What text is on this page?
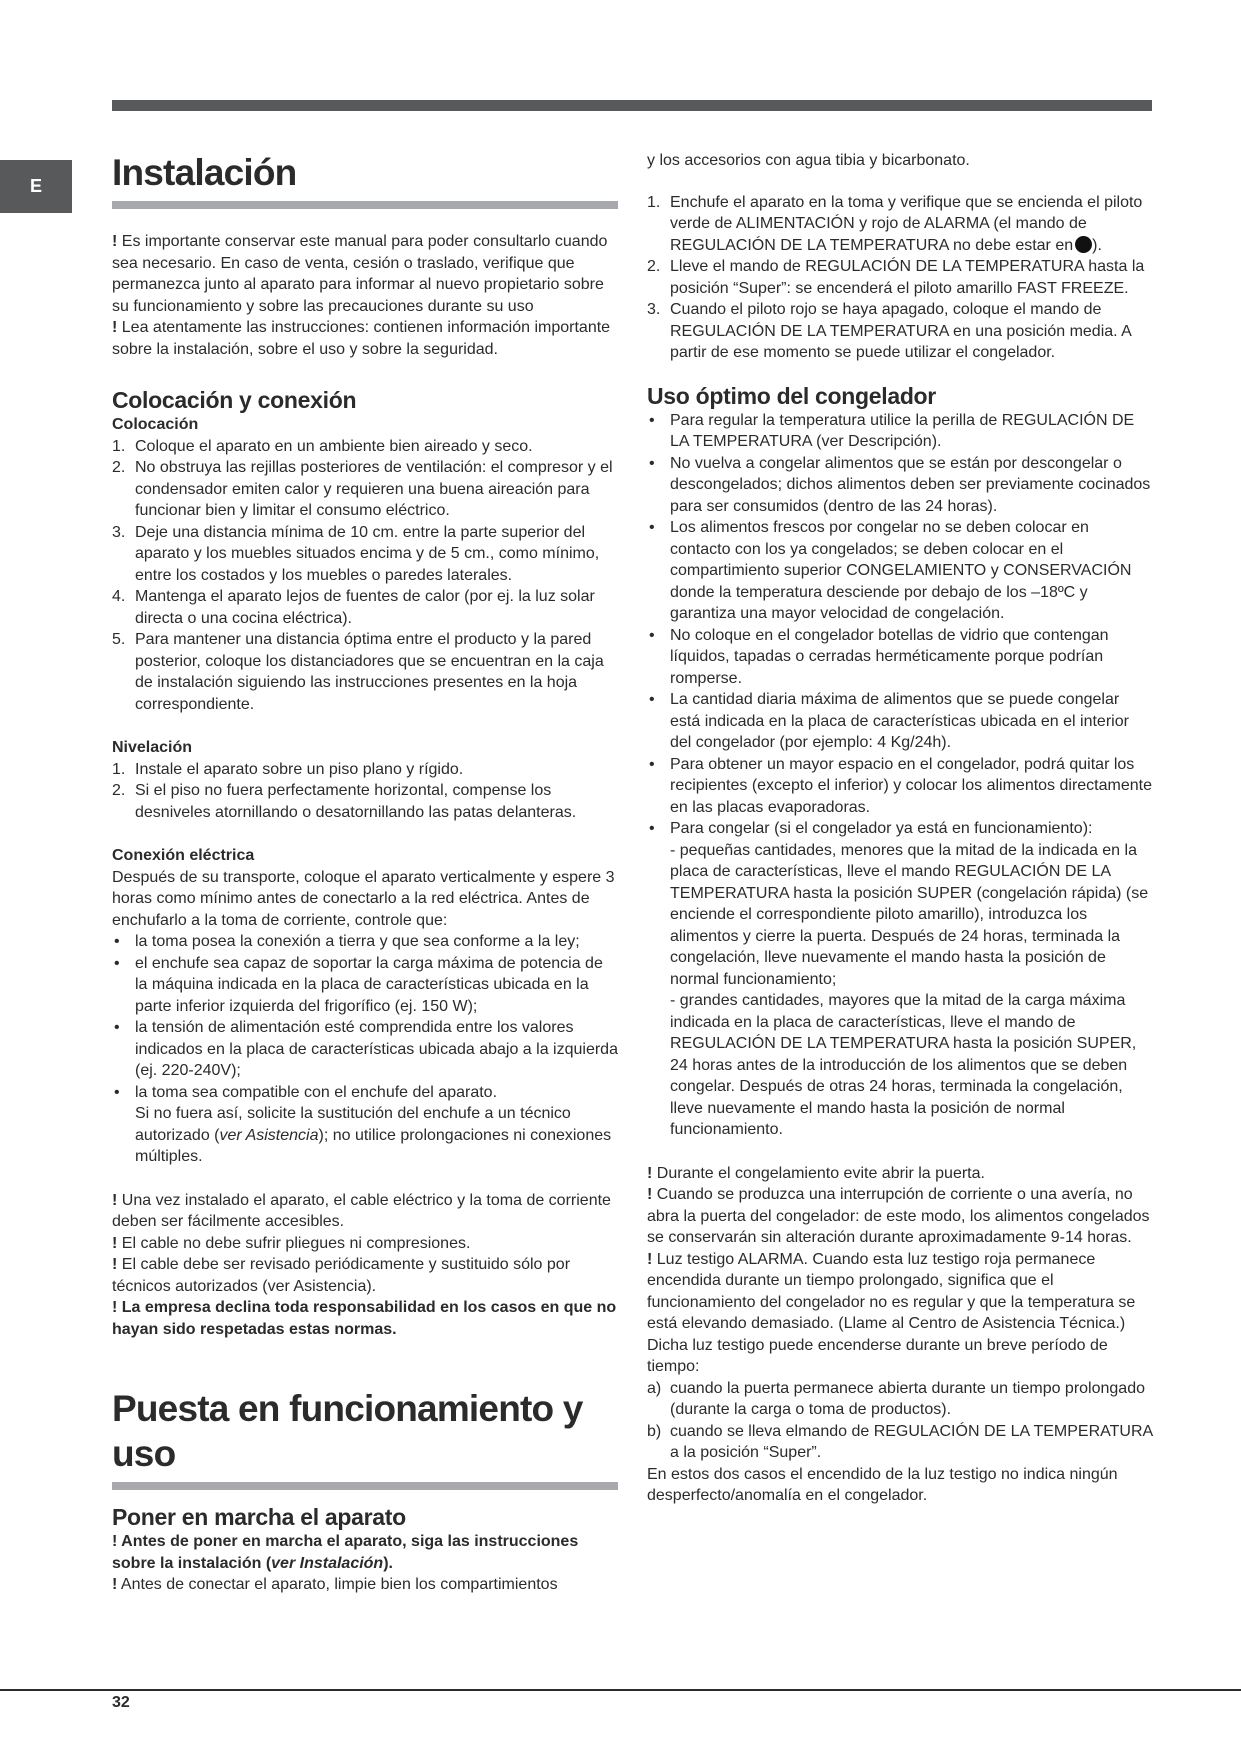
E	Instalación

! Es importante conservar este manual para poder consultarlo cuando sea necesario. En caso de venta, cesión o traslado, verifique que permanezca junto al aparato para informar al nuevo propietario sobre su funcionamiento y sobre las precauciones durante su uso

! Lea atentamente las instrucciones: contienen información importante sobre la instalación, sobre el uso y sobre la seguridad.

Colocación y conexión
Colocación
1. Coloque el aparato en un ambiente bien aireado y seco.
2. No obstruya las rejillas posteriores de ventilación: el compresor y el condensador emiten calor y requieren una buena aireación para funcionar bien y limitar el consumo eléctrico.
3. Deje una distancia mínima de 10 cm. entre la parte superior del aparato y los muebles situados encima y de 5 cm., como mínimo, entre los costados y los muebles o paredes laterales.
4. Mantenga el aparato lejos de fuentes de calor (por ej. la luz solar directa o una cocina eléctrica).
5. Para mantener una distancia óptima entre el producto y la pared posterior, coloque los distanciadores que se encuentran en la caja de instalación siguiendo las instrucciones presentes en la hoja correspondiente.
Nivelación
1. Instale el aparato sobre un piso plano y rígido.
2. Si el piso no fuera perfectamente horizontal, compense los desniveles atornillando o desatornillando las patas delanteras.
Conexión eléctrica

Después de su transporte, coloque el aparato verticalmente y espere 3 horas como mínimo antes de conectarlo a la red eléctrica. Antes de enchufarlo a la toma de corriente, controle que:

• la toma posea la conexión a tierra y que sea conforme a la ley;
• el enchufe sea capaz de soportar la carga máxima de potencia de la máquina indicada en la placa de características ubicada en la parte inferior izquierda del frigorífico (ej. 150 W);
• la tensión de alimentación esté comprendida entre los valores indicados en la placa de características ubicada abajo a la izquierda (ej. 220-240V);
• la toma sea compatible con el enchufe del aparato.
Si no fuera así, solicite la sustitución del enchufe a un técnico autorizado (ver Asistencia); no utilice prolongaciones ni conexiones múltiples.

! Una vez instalado el aparato, el cable eléctrico y la toma de corriente deben ser fácilmente accesibles.

! El cable no debe sufrir pliegues ni compresiones.

! El cable debe ser revisado periódicamente y sustituido sólo por técnicos autorizados (ver Asistencia).

! La empresa declina toda responsabilidad en los casos en que no hayan sido respetadas estas normas.

Puesta en funcionamiento y uso
Poner en marcha el aparato

! Antes de poner en marcha el aparato, siga las instrucciones sobre la instalación (ver Instalación).

! Antes de conectar el aparato, limpie bien los compartimientos

y los accesorios con agua tibia y bicarbonato.

1. Enchufe el aparato en la toma y verifique que se encienda el piloto verde de ALIMENTACIÓN y rojo de ALARMA (el mando de REGULACIÓN DE LA TEMPERATURA no debe estar en ).
2. Lleve el mando de REGULACIÓN DE LA TEMPERATURA hasta la posición “Super”: se encenderá el piloto amarillo FAST FREEZE.
3. Cuando el piloto rojo se haya apagado, coloque el mando de REGULACIÓN DE LA TEMPERATURA en una posición media. A partir de ese momento se puede utilizar el congelador.
Uso óptimo del congelador
• Para regular la temperatura utilice la perilla de REGULACIÓN DE LA TEMPERATURA (ver Descripción).
• No vuelva a congelar alimentos que se están por descongelar o descongelados; dichos alimentos deben ser previamente cocinados para ser consumidos (dentro de las 24 horas).
• Los alimentos frescos por congelar no se deben colocar en contacto con los ya congelados; se deben colocar en el compartimiento superior CONGELAMIENTO y CONSERVACIÓN donde la temperatura desciende por debajo de los –18ºC y garantiza una mayor velocidad de congelación.
• No coloque en el congelador botellas de vidrio que contengan líquidos, tapadas o cerradas herméticamente porque podrían romperse.
• La cantidad diaria máxima de alimentos que se puede congelar está indicada en la placa de características ubicada en el interior del congelador (por ejemplo: 4 Kg/24h).
• Para obtener un mayor espacio en el congelador, podrá quitar los recipientes (excepto el inferior) y colocar los alimentos directamente en las placas evaporadoras.
• Para congelar (si el congelador ya está en funcionamiento):
- pequeñas cantidades, menores que la mitad de la indicada en la placa de características, lleve el mando REGULACIÓN DE LA TEMPERATURA hasta la posición SUPER (congelación rápida) (se enciende el correspondiente piloto amarillo), introduzca los alimentos y cierre la puerta. Después de 24 horas, terminada la congelación, lleve nuevamente el mando hasta la posición de normal funcionamiento;
- grandes cantidades, mayores que la mitad de la carga máxima indicada en la placa de características, lleve el mando de REGULACIÓN DE LA TEMPERATURA hasta la posición SUPER, 24 horas antes de la introducción de los alimentos que se deben congelar. Después de otras 24 horas, terminada la congelación, lleve nuevamente el mando hasta la posición de normal funcionamiento.

! Durante el congelamiento evite abrir la puerta.

! Cuando se produzca una interrupción de corriente o una avería, no abra la puerta del congelador: de este modo, los alimentos congelados se conservarán sin alteración durante aproximadamente 9-14 horas.

! Luz testigo ALARMA. Cuando esta luz testigo roja permanece encendida durante un tiempo prolongado, significa que el funcionamiento del congelador no es regular y que la temperatura se está elevando demasiado. (Llame al Centro de Asistencia Técnica.)

Dicha luz testigo puede encenderse durante un breve período de tiempo:

a) cuando la puerta permanece abierta durante un tiempo prolongado (durante la carga o toma de productos).
b) cuando se lleva elmando de REGULACIÓN DE LA TEMPERATURA a la posición “Super”.

En estos dos casos el encendido de la luz testigo no indica ningún desperfecto/anomalía en el congelador.

32
